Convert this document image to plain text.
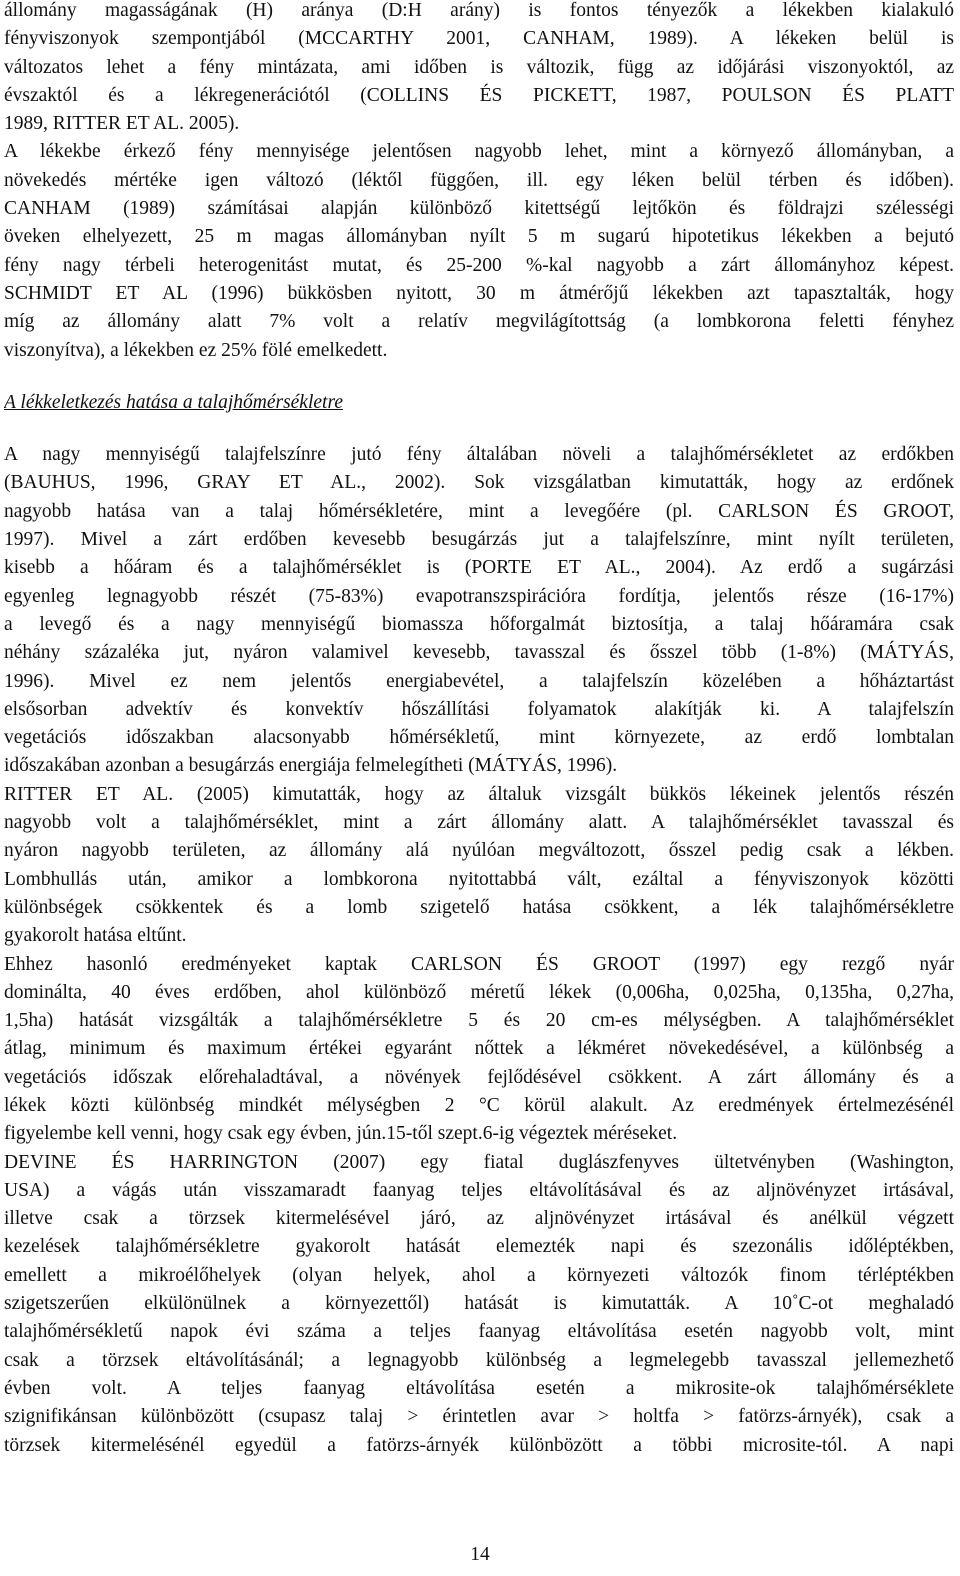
állomány magasságának (H) aránya (D:H arány) is fontos tényezők a lékekben kialakuló
fényviszonyok szempontjából (MCCARTHY 2001, CANHAM, 1989). A lékeken belül is
változatos lehet a fény mintázata, ami időben is változik, függ az időjárási viszonyoktól, az
évszaktól és a lékregenerációtól (COLLINS ÉS PICKETT, 1987, POULSON ÉS PLATT
1989, RITTER ET AL. 2005).
A lékekbe érkező fény mennyisége jelentősen nagyobb lehet, mint a környező állományban, a
növekedés mértéke igen változó (léktől függően, ill. egy léken belül térben és időben).
CANHAM (1989) számításai alapján különböző kitettségű lejtőkön és földrajzi szélességi
öveken elhelyezett, 25 m magas állományban nyílt 5 m sugarú hipotetikus lékekben a bejutó
fény nagy térbeli heterogenitást mutat, és 25-200 %-kal nagyobb a zárt állományhoz képest.
SCHMIDT ET AL (1996) bükkösben nyitott, 30 m átmérőjű lékekben azt tapasztalták, hogy
míg az állomány alatt 7% volt a relatív megvilágítottság (a lombkorona feletti fényhez
viszonyítva), a lékekben ez 25% fölé emelkedett.
A lékkeletkezés hatása a talajhőmérsékletre
A nagy mennyiségű talajfelszínre jutó fény általában növeli a talajhőmérsékletet az erdőkben
(BAUHUS, 1996, GRAY ET AL., 2002). Sok vizsgálatban kimutatták, hogy az erdőnek
nagyobb hatása van a talaj hőmérsékletére, mint a levegőére (pl. CARLSON ÉS GROOT,
1997). Mivel a zárt erdőben kevesebb besugárzás jut a talajfelszínre, mint nyílt területen,
kisebb a hőáram és a talajhőmérséklet is (PORTE ET AL., 2004). Az erdő a sugárzási
egyenleg legnagyobb részét (75-83%) evapotranszspirációra fordítja, jelentős része (16-17%)
a levegő és a nagy mennyiségű biomassza hőforgalmát biztosítja, a talaj hőáramára csak
néhány százaléka jut, nyáron valamivel kevesebb, tavasszal és ősszel több (1-8%) (MÁTYÁS,
1996). Mivel ez nem jelentős energiabevétel, a talajfelszín közelében a hőháztartást
elsősorban advektív és konvektív hőszállítási folyamatok alakítják ki. A talajfelszín
vegetációs időszakban alacsonyabb hőmérsékletű, mint környezete, az erdő lombtalan
időszakában azonban a besugárzás energiája felmelegítheti (MÁTYÁS, 1996).
RITTER ET AL. (2005) kimutatták, hogy az általuk vizsgált bükkös lékeinek jelentős részén
nagyobb volt a talajhőmérséklet, mint a zárt állomány alatt. A talajhőmérséklet tavasszal és
nyáron nagyobb területen, az állomány alá nyúlóan megváltozott, ősszel pedig csak a lékben.
Lombhullás után, amikor a lombkorona nyitottabbá vált, ezáltal a fényviszonyok közötti
különbségek csökkentek és a lomb szigetelő hatása csökkent, a lék talajhőmérsékletre
gyakorolt hatása eltűnt.
Ehhez hasonló eredményeket kaptak CARLSON ÉS GROOT (1997) egy rezgő nyár
dominálta, 40 éves erdőben, ahol különböző méretű lékek (0,006ha, 0,025ha, 0,135ha, 0,27ha,
1,5ha) hatását vizsgálták a talajhőmérsékletre 5 és 20 cm-es mélységben. A talajhőmérséklet
átlag, minimum és maximum értékei egyaránt nőttek a lékméret növekedésével, a különbség a
vegetációs időszak előrehaladtával, a növények fejlődésével csökkent. A zárt állomány és a
lékek közti különbség mindkét mélységben 2 °C körül alakult. Az eredmények értelmezésénél
figyelembe kell venni, hogy csak egy évben, jún.15-től szept.6-ig végeztek méréseket.
DEVINE ÉS HARRINGTON (2007) egy fiatal duglászfenyves ültetvényben (Washington,
USA) a vágás után visszamaradt faanyag teljes eltávolításával és az aljnövényzet irtásával,
illetve csak a törzsek kitermelésével járó, az aljnövényzet irtásával és anélkül végzett
kezelések talajhőmérsékletre gyakorolt hatását elemezték napi és szezonális időléptékben,
emellett a mikroélőhelyek (olyan helyek, ahol a környezeti változók finom térléptékben
szigetszerűen elkülönülnek a környezettől) hatását is kimutatták. A 10˚C-ot meghaladó
talajhőmérsékletű napok évi száma a teljes faanyag eltávolítása esetén nagyobb volt, mint
csak a törzsek eltávolításánál; a legnagyobb különbség a legmelegebb tavasszal jellemezhető
évben volt. A teljes faanyag eltávolítása esetén a mikrosite-ok talajhőmérséklete
szignifikánsan különbözött (csupasz talaj > érintetlen avar > holtfa > fatörzs-árnyék), csak a
törzsek kitermelésénél egyedül a fatörzs-árnyék különbözött a többi microsite-tól. A napi
14
